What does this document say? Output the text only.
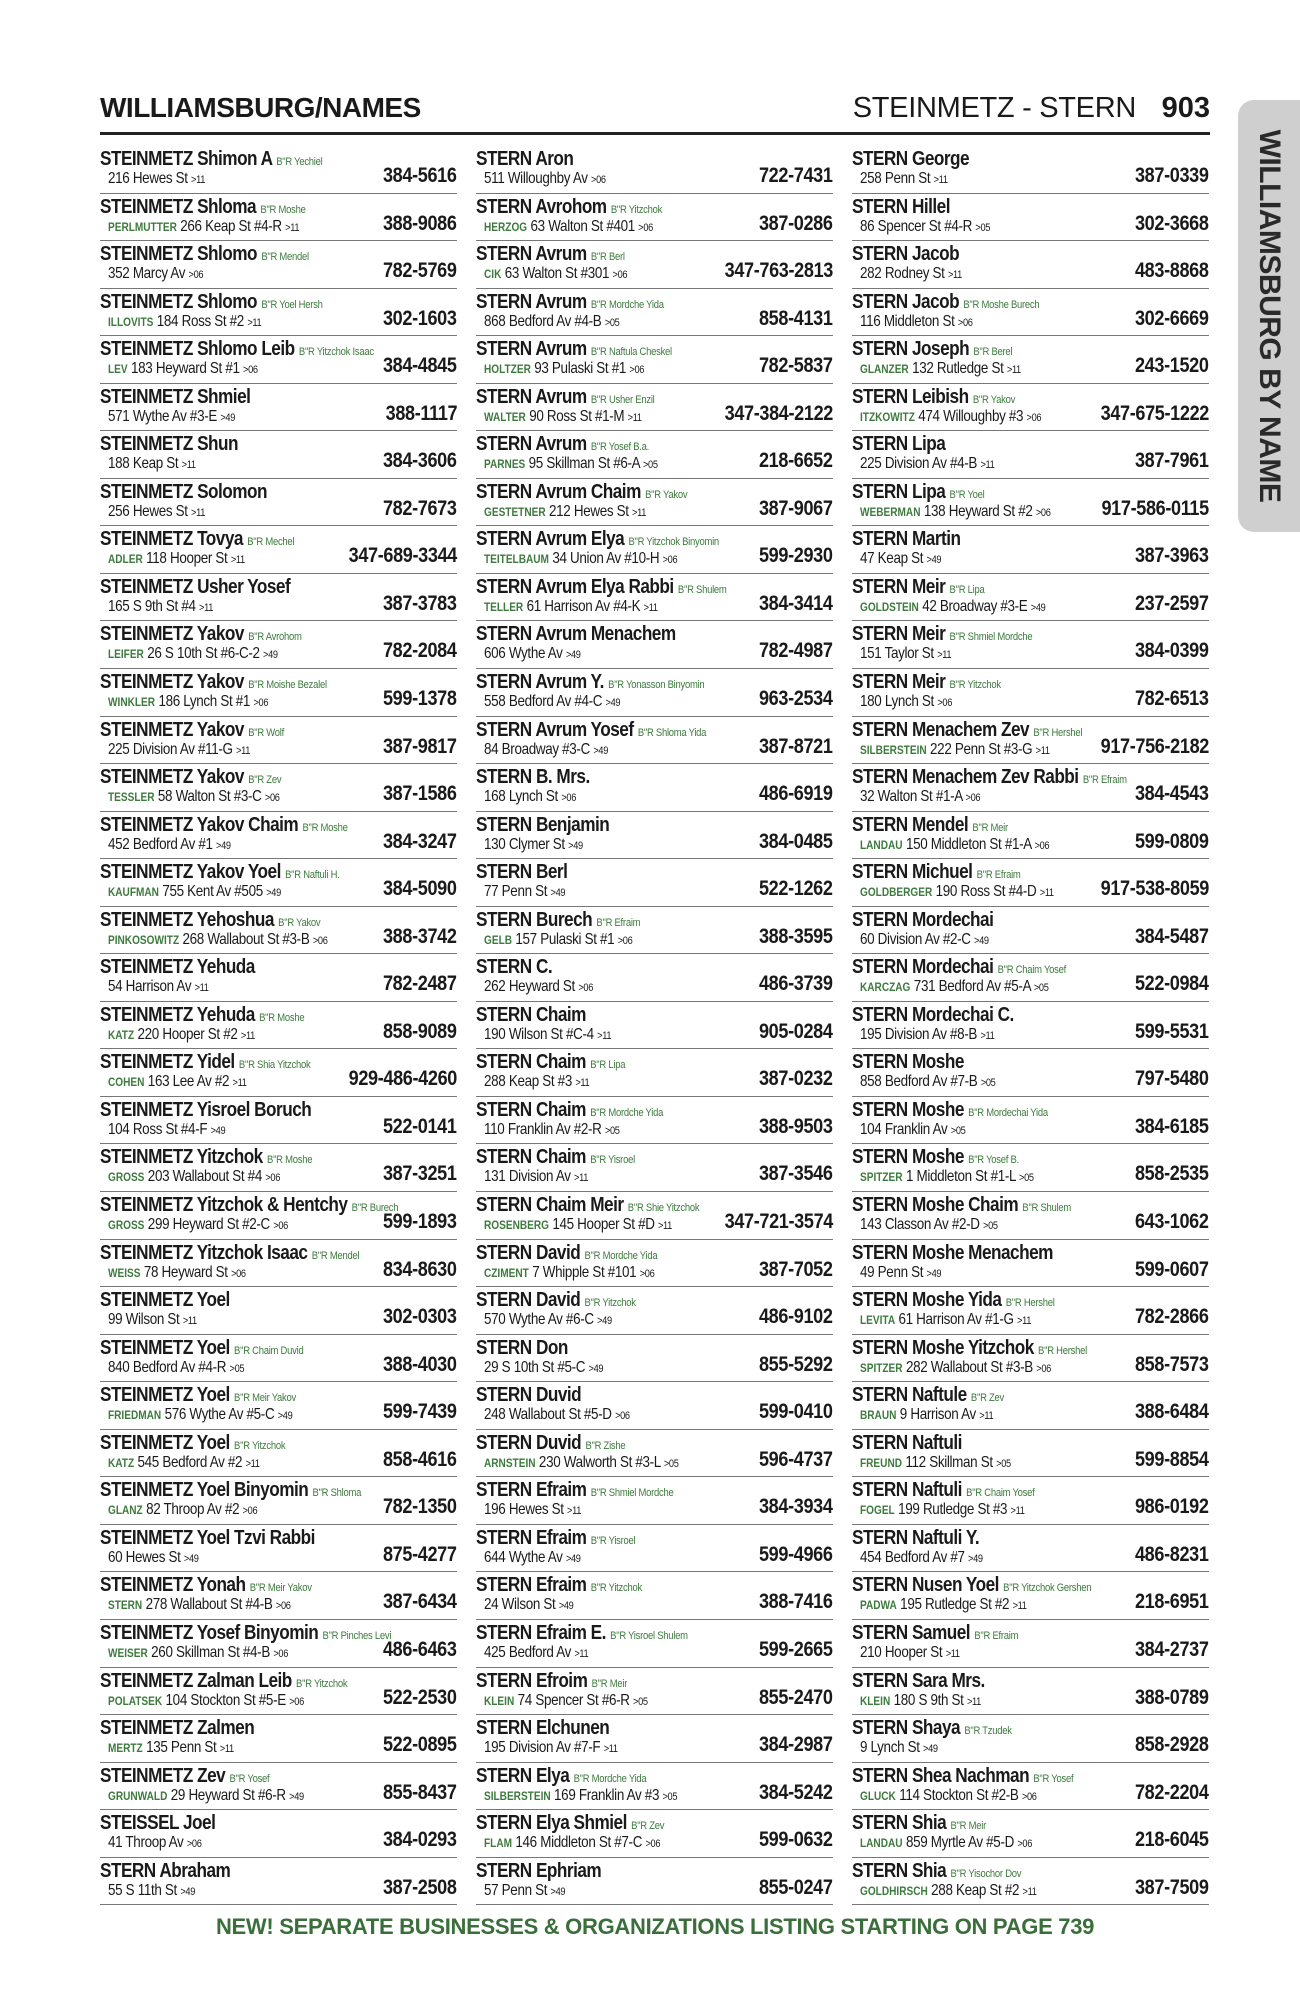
WILLIAMSBURG/NAMES	STEINMETZ - STERN 903
WILLIAMSBURG BY NAME
STEINMETZ Shimon A B"R Yechiel
216 Hewes St >11	384-5616
STEINMETZ Shloma B"R Moshe
PERLMUTTER 266 Keap St #4-R >11	388-9086
STEINMETZ Shlomo B"R Mendel
352 Marcy Av >06	782-5769
STEINMETZ Shlomo B"R Yoel Hersh
ILLOVITS 184 Ross St #2 >11	302-1603
STEINMETZ Shlomo Leib B"R Yitzchok Isaac
LEV 183 Heyward St #1 >06	384-4845
STEINMETZ Shmiel
571 Wythe Av #3-E >49	388-1117
STEINMETZ Shun
188 Keap St >11	384-3606
STEINMETZ Solomon
256 Hewes St >11	782-7673
STEINMETZ Tovya B"R Mechel
ADLER 118 Hooper St >11	347-689-3344
STEINMETZ Usher Yosef
165 S 9th St #4 >11	387-3783
STEINMETZ Yakov B"R Avrohom
LEIFER 26 S 10th St #6-C-2 >49	782-2084
STEINMETZ Yakov B"R Moishe Bezalel
WINKLER 186 Lynch St #1 >06	599-1378
STEINMETZ Yakov B"R Wolf
225 Division Av #11-G >11	387-9817
STEINMETZ Yakov B"R Zev
TESSLER 58 Walton St #3-C >06	387-1586
STEINMETZ Yakov Chaim B"R Moshe
452 Bedford Av #1 >49	384-3247
STEINMETZ Yakov Yoel B"R Naftuli H.
KAUFMAN 755 Kent Av #505 >49	384-5090
STEINMETZ Yehoshua B"R Yakov
PINKOSOWITZ 268 Wallabout St #3-B >06	388-3742
STEINMETZ Yehuda
54 Harrison Av >11	782-2487
STEINMETZ Yehuda B"R Moshe
KATZ 220 Hooper St #2 >11	858-9089
STEINMETZ Yidel B"R Shia Yitzchok
COHEN 163 Lee Av #2 >11	929-486-4260
STEINMETZ Yisroel Boruch
104 Ross St #4-F >49	522-0141
STEINMETZ Yitzchok B"R Moshe
GROSS 203 Wallabout St #4 >06	387-3251
STEINMETZ Yitzchok & Hentchy B"R Burech
GROSS 299 Heyward St #2-C >06	599-1893
STEINMETZ Yitzchok Isaac B"R Mendel
WEISS 78 Heyward St >06	834-8630
STEINMETZ Yoel
99 Wilson St >11	302-0303
STEINMETZ Yoel B"R Chaim Duvid
840 Bedford Av #4-R >05	388-4030
STEINMETZ Yoel B"R Meir Yakov
FRIEDMAN 576 Wythe Av #5-C >49	599-7439
STEINMETZ Yoel B"R Yitzchok
KATZ 545 Bedford Av #2 >11	858-4616
STEINMETZ Yoel Binyomin B"R Shloma
GLANZ 82 Throop Av #2 >06	782-1350
STEINMETZ Yoel Tzvi Rabbi
60 Hewes St >49	875-4277
STEINMETZ Yonah B"R Meir Yakov
STERN 278 Wallabout St #4-B >06	387-6434
STEINMETZ Yosef Binyomin B"R Pinches Levi
WEISER 260 Skillman St #4-B >06	486-6463
STEINMETZ Zalman Leib B"R Yitzchok
POLATSEK 104 Stockton St #5-E >06	522-2530
STEINMETZ Zalmen
MERTZ 135 Penn St >11	522-0895
STEINMETZ Zev B"R Yosef
GRUNWALD 29 Heyward St #6-R >49	855-8437
STEISSEL Joel
41 Throop Av >06	384-0293
STERN Abraham
55 S 11th St >49	387-2508
STERN Aron
511 Willoughby Av >06	722-7431
STERN Avrohom B"R Yitzchok
HERZOG 63 Walton St #401 >06	387-0286
STERN Avrum B"R Berl
CIK 63 Walton St #301 >06	347-763-2813
STERN Avrum B"R Mordche Yida
868 Bedford Av #4-B >05	858-4131
STERN Avrum B"R Naftula Cheskel
HOLTZER 93 Pulaski St #1 >06	782-5837
STERN Avrum B"R Usher Enzil
WALTER 90 Ross St #1-M >11	347-384-2122
STERN Avrum B"R Yosef B.a.
PARNES 95 Skillman St #6-A >05	218-6652
STERN Avrum Chaim B"R Yakov
GESTETNER 212 Hewes St >11	387-9067
STERN Avrum Elya B"R Yitzchok Binyomin
TEITELBAUM 34 Union Av #10-H >06	599-2930
STERN Avrum Elya Rabbi B"R Shulem
TELLER 61 Harrison Av #4-K >11	384-3414
STERN Avrum Menachem
606 Wythe Av >49	782-4987
STERN Avrum Y. B"R Yonasson Binyomin
558 Bedford Av #4-C >49	963-2534
STERN Avrum Yosef B"R Shloma Yida
84 Broadway #3-C >49	387-8721
STERN B. Mrs.
168 Lynch St >06	486-6919
STERN Benjamin
130 Clymer St >49	384-0485
STERN Berl
77 Penn St >49	522-1262
STERN Burech B"R Efraim
GELB 157 Pulaski St #1 >06	388-3595
STERN C.
262 Heyward St >06	486-3739
STERN Chaim
190 Wilson St #C-4 >11	905-0284
STERN Chaim B"R Lipa
288 Keap St #3 >11	387-0232
STERN Chaim B"R Mordche Yida
110 Franklin Av #2-R >05	388-9503
STERN Chaim B"R Yisroel
131 Division Av >11	387-3546
STERN Chaim Meir B"R Shie Yitzchok
ROSENBERG 145 Hooper St #D >11	347-721-3574
STERN David B"R Mordche Yida
CZIMENT 7 Whipple St #101 >06	387-7052
STERN David B"R Yitzchok
570 Wythe Av #6-C >49	486-9102
STERN Don
29 S 10th St #5-C >49	855-5292
STERN Duvid
248 Wallabout St #5-D >06	599-0410
STERN Duvid B"R Zishe
ARNSTEIN 230 Walworth St #3-L >05	596-4737
STERN Efraim B"R Shmiel Mordche
196 Hewes St >11	384-3934
STERN Efraim B"R Yisroel
644 Wythe Av >49	599-4966
STERN Efraim B"R Yitzchok
24 Wilson St >49	388-7416
STERN Efraim E. B"R Yisroel Shulem
425 Bedford Av >11	599-2665
STERN Efroim B"R Meir
KLEIN 74 Spencer St #6-R >05	855-2470
STERN Elchunen
195 Division Av #7-F >11	384-2987
STERN Elya B"R Mordche Yida
SILBERSTEIN 169 Franklin Av #3 >05	384-5242
STERN Elya Shmiel B"R Zev
FLAM 146 Middleton St #7-C >06	599-0632
STERN Ephriam
57 Penn St >49	855-0247
STERN George
258 Penn St >11	387-0339
STERN Hillel
86 Spencer St #4-R >05	302-3668
STERN Jacob
282 Rodney St >11	483-8868
STERN Jacob B"R Moshe Burech
116 Middleton St >06	302-6669
STERN Joseph B"R Berel
GLANZER 132 Rutledge St >11	243-1520
STERN Leibish B"R Yakov
ITZKOWITZ 474 Willoughby #3 >06	347-675-1222
STERN Lipa
225 Division Av #4-B >11	387-7961
STERN Lipa B"R Yoel
WEBERMAN 138 Heyward St #2 >06 917-586-0115
STERN Martin
47 Keap St >49	387-3963
STERN Meir B"R Lipa
GOLDSTEIN 42 Broadway #3-E >49	237-2597
STERN Meir B"R Shmiel Mordche
151 Taylor St >11	384-0399
STERN Meir B"R Yitzchok
180 Lynch St >06	782-6513
STERN Menachem Zev B"R Hershel
SILBERSTEIN 222 Penn St #3-G >11 917-756-2182
STERN Menachem Zev Rabbi B"R Efraim
32 Walton St #1-A >06	384-4543
STERN Mendel B"R Meir
LANDAU 150 Middleton St #1-A >06	599-0809
STERN Michuel B"R Efraim
GOLDBERGER 190 Ross St #4-D >11 917-538-8059
STERN Mordechai
60 Division Av #2-C >49	384-5487
STERN Mordechai B"R Chaim Yosef
KARCZAG 731 Bedford Av #5-A >05	522-0984
STERN Mordechai C.
195 Division Av #8-B >11	599-5531
STERN Moshe
858 Bedford Av #7-B >05	797-5480
STERN Moshe B"R Mordechai Yida
104 Franklin Av >05	384-6185
STERN Moshe B"R Yosef B.
SPITZER 1 Middleton St #1-L >05	858-2535
STERN Moshe Chaim B"R Shulem
143 Classon Av #2-D >05	643-1062
STERN Moshe Menachem
49 Penn St >49	599-0607
STERN Moshe Yida B"R Hershel
LEVITA 61 Harrison Av #1-G >11	782-2866
STERN Moshe Yitzchok B"R Hershel
SPITZER 282 Wallabout St #3-B >06	858-7573
STERN Naftule B"R Zev
BRAUN 9 Harrison Av >11	388-6484
STERN Naftuli
FREUND 112 Skillman St >05	599-8854
STERN Naftuli B"R Chaim Yosef
FOGEL 199 Rutledge St #3 >11	986-0192
STERN Naftuli Y.
454 Bedford Av #7 >49	486-8231
STERN Nusen Yoel B"R Yitzchok Gershen
PADWA 195 Rutledge St #2 >11	218-6951
STERN Samuel B"R Efraim
210 Hooper St >11	384-2737
STERN Sara Mrs.
KLEIN 180 S 9th St >11	388-0789
STERN Shaya B"R Tzudek
9 Lynch St >49	858-2928
STERN Shea Nachman B"R Yosef
GLUCK 114 Stockton St #2-B >06	782-2204
STERN Shia B"R Meir
LANDAU 859 Myrtle Av #5-D >06	218-6045
STERN Shia B"R Yisochor Dov
GOLDHIRSCH 288 Keap St #2 >11	387-7509
NEW! SEPARATE BUSINESSES & ORGANIZATIONS LISTING STARTING ON PAGE 739
